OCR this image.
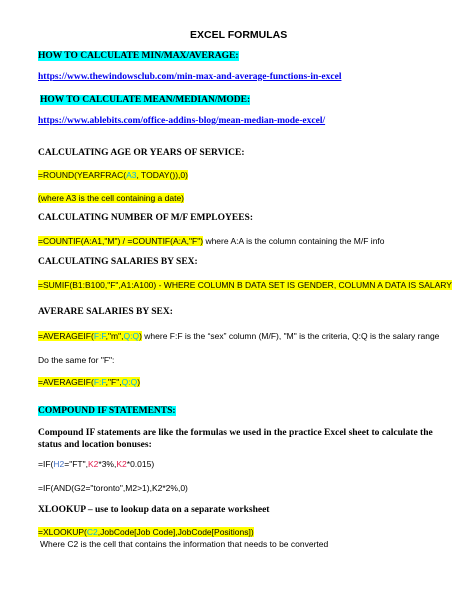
EXCEL FORMULAS
HOW TO CALCULATE MIN/MAX/AVERAGE:
https://www.thewindowsclub.com/min-max-and-average-functions-in-excel
HOW TO CALCULATE MEAN/MEDIAN/MODE:
https://www.ablebits.com/office-addins-blog/mean-median-mode-excel/
CALCULATING AGE OR YEARS OF SERVICE:
=ROUND(YEARFRAC(A3, TODAY()),0)
(where A3 is the cell containing a date)
CALCULATING NUMBER OF M/F EMPLOYEES:
=COUNTIF(A:A1,"M") / =COUNTIF(A:A,"F") where A:A is the column containing the M/F info
CALCULATING SALARIES BY SEX:
=SUMIF(B1:B100,"F",A1:A100) - WHERE COLUMN B DATA SET IS GENDER, COLUMN A DATA IS SALARY
AVERARE SALARIES BY SEX:
=AVERAGEIF(F:F,"m",Q:Q) where F:F is the “sex” column (M/F), "M" is the criteria, Q:Q is the salary range
Do the same for "F":
=AVERAGEIF(F:F,"F",Q:Q)
COMPOUND IF STATEMENTS:
Compound IF statements are like the formulas we used in the practice Excel sheet to calculate the
status and location bonuses:
=IF(H2="FT",K2*3%,K2*0.015)
=IF(AND(G2="toronto",M2>1),K2*2%,0)
XLOOKUP – use to lookup data on a separate worksheet
=XLOOKUP(C2,JobCode[Job Code],JobCode[Positions])
Where C2 is the cell that contains the information that needs to be converted
